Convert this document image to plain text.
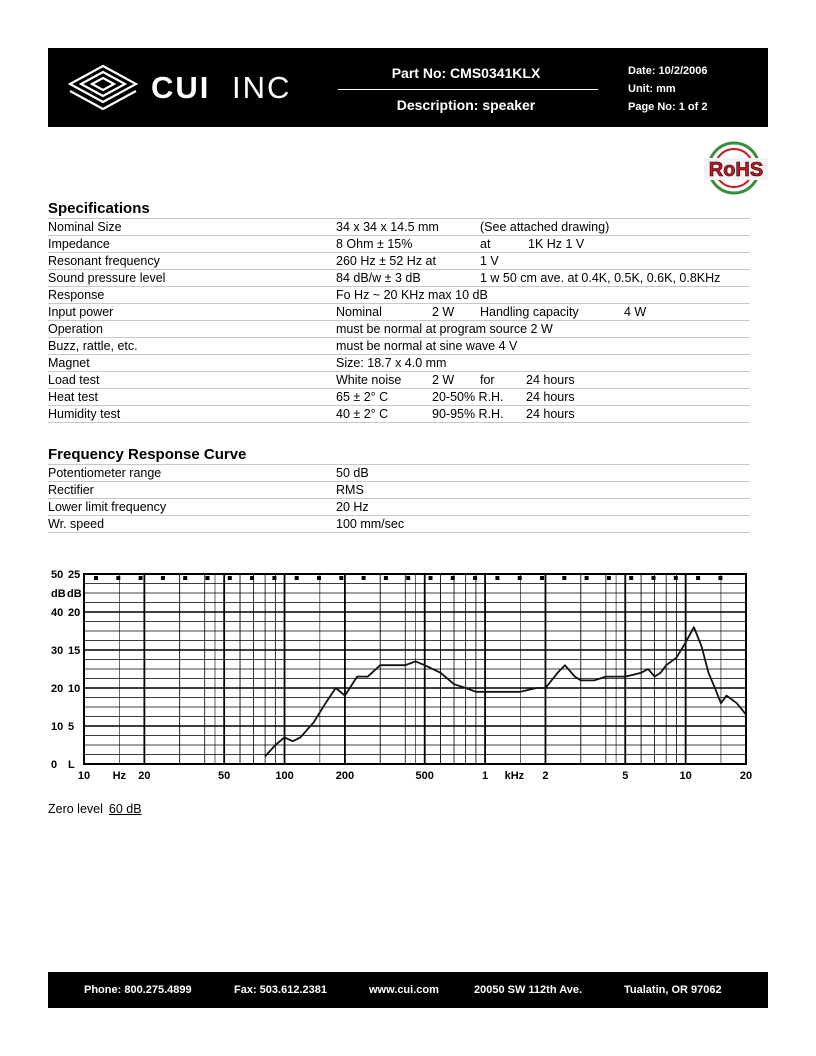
CUI INC	Part No: CMS0341KLX
Description: speaker
Date: 10/2/2006
Unit: mm
Page No: 1 of 2
RoHS
Specifications
Nominal Size	34 x 34 x 14.5 mm	(See attached drawing)
Impedance	8 Ohm ± 15%	at	1K Hz 1 V
Resonant frequency	260 Hz ± 52 Hz at	1 V
Sound pressure level	84 dB/w ± 3 dB	1 w 50 cm ave. at 0.4K, 0.5K, 0.6K, 0.8KHz
Response	Fo Hz ~ 20 KHz max 10 dB
Input power	Nominal	2 W Handling capacity	4 W
Operation	must be normal at program source 2 W
Buzz, rattle, etc.	must be normal at sine wave 4 V
Magnet	Size: 18.7 x 4.0 mm
Load test	White noise 2 W for	24 hours
Heat test	65 ± 2° C	20-50% R.H. 24 hours
Humidity test	40 ± 2° C	90-95% R.H. 24 hours
Frequency Response Curve
Potentiometer range	50 dB
Rectifier	RMS
Lower limit frequency	20 Hz
Wr. speed	100 mm/sec
10 Hz 20	50	100	200	500	1 kHz 2	5	10	20
0
10
20
30
40
50
L
5
10
15
20
25
dB dB
Zero level 60 dB
Phone: 800.275.4899	Fax: 503.612.2381	www.cui.com	20050 SW 112th Ave.	Tualatin, OR 97062
